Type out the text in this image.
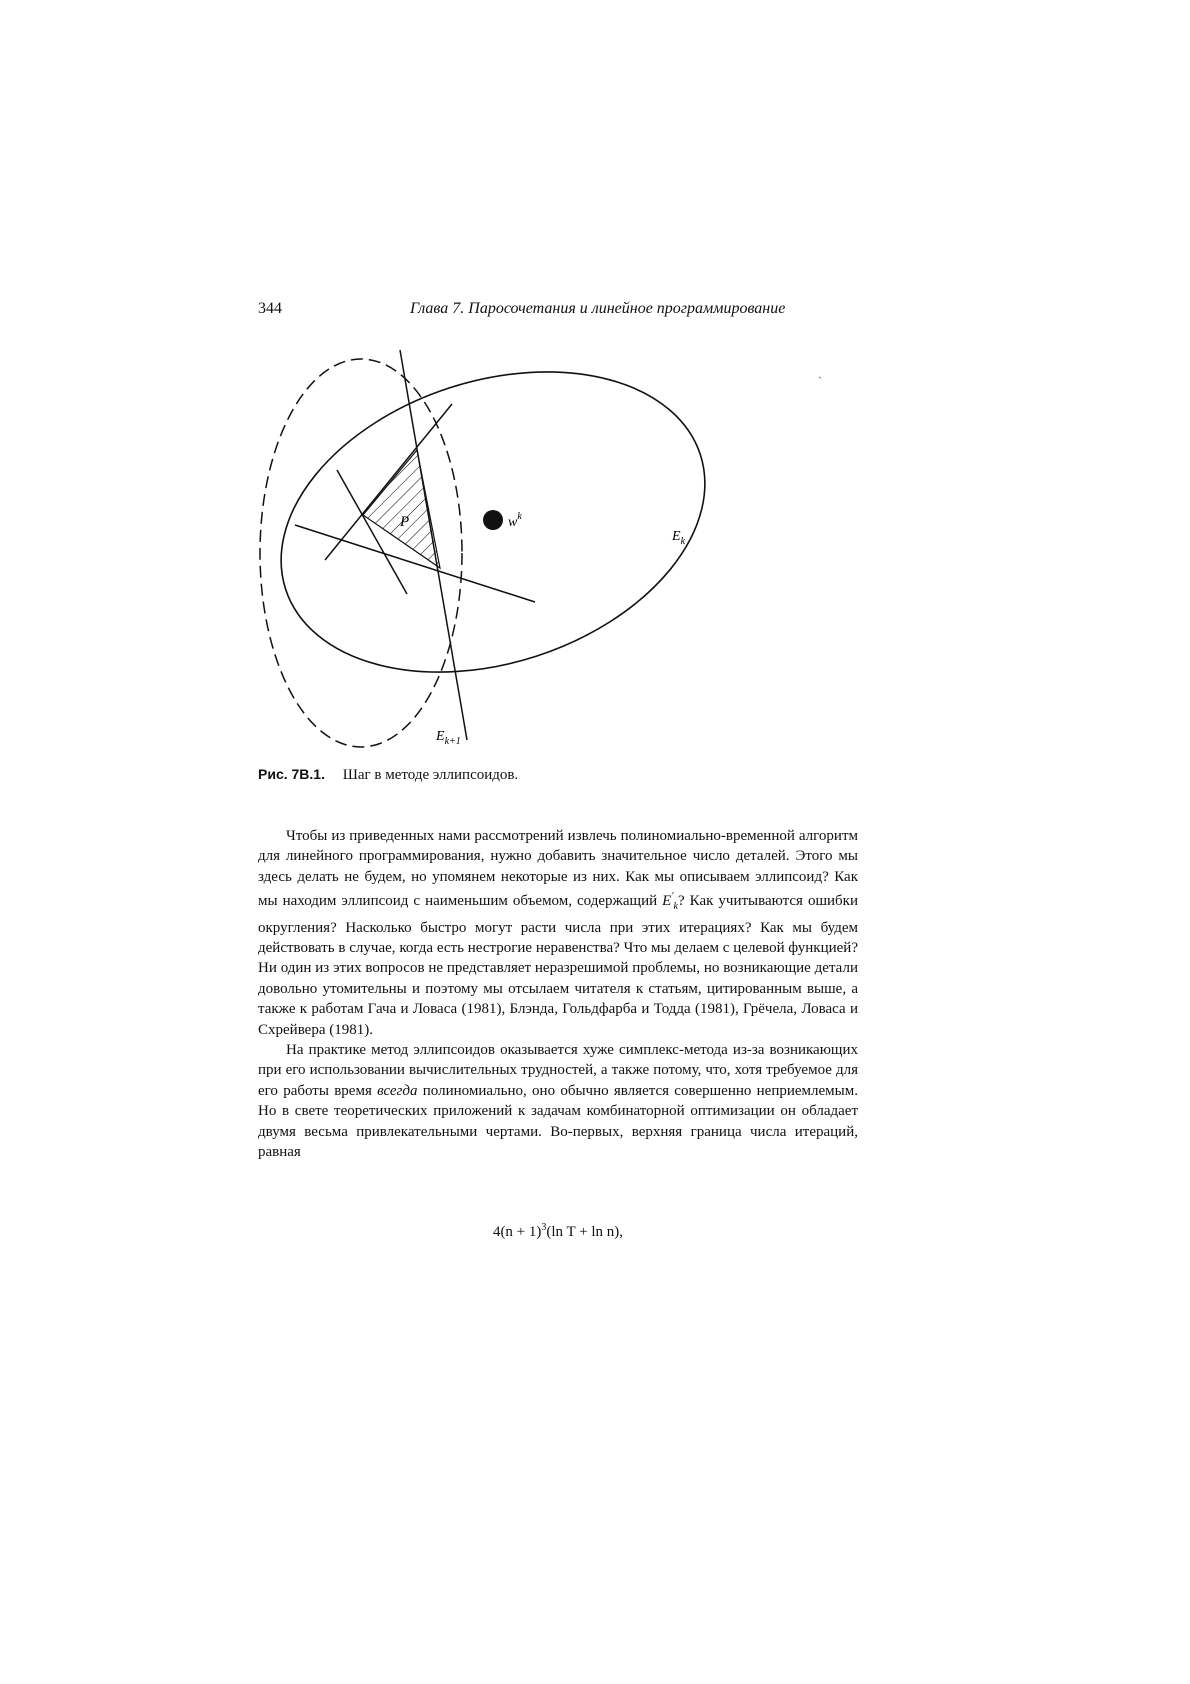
344	Глава 7. Паросочетания и линейное программирование
ˋ
P	$w^k$
$E_k$
$E_{k+1}$
Рис. 7B.1. Шаг в методе эллипсоидов.

Чтобы из приведенных нами рассмотрений извлечь полиномиально-временной алгоритм для линейного программирования, нужно добавить значительное число деталей. Этого мы здесь делать не будем, но упомянем некоторые из них. Как мы описываем эллипсоид? Как мы находим эллипсоид с наименьшим объемом, содержащий $E'_k$? Как учитываются ошибки округления? Насколько быстро могут расти числа при этих итерациях? Как мы будем действовать в случае, когда есть нестрогие неравенства? Что мы делаем с целевой функцией? Ни один из этих вопросов не представляет неразрешимой проблемы, но возникающие детали довольно утомительны и поэтому мы отсылаем читателя к статьям, цитированным выше, а также к работам Гача и Ловаса (1981), Блэнда, Гольдфарба и Тодда (1981), Грёчела, Ловаса и Схрейвера (1981).

На практике метод эллипсоидов оказывается хуже симплекс-метода из-за возникающих при его использовании вычислительных трудностей, а также потому, что, хотя требуемое для его работы время всегда полиномиально, оно обычно является совершенно неприемлемым. Но в свете теоретических приложений к задачам комбинаторной оптимизации он обладает двумя весьма привлекательными чертами. Во-первых, верхняя граница числа итераций, равная

$4(n + 1)^3(\ln$ T + ln n),
